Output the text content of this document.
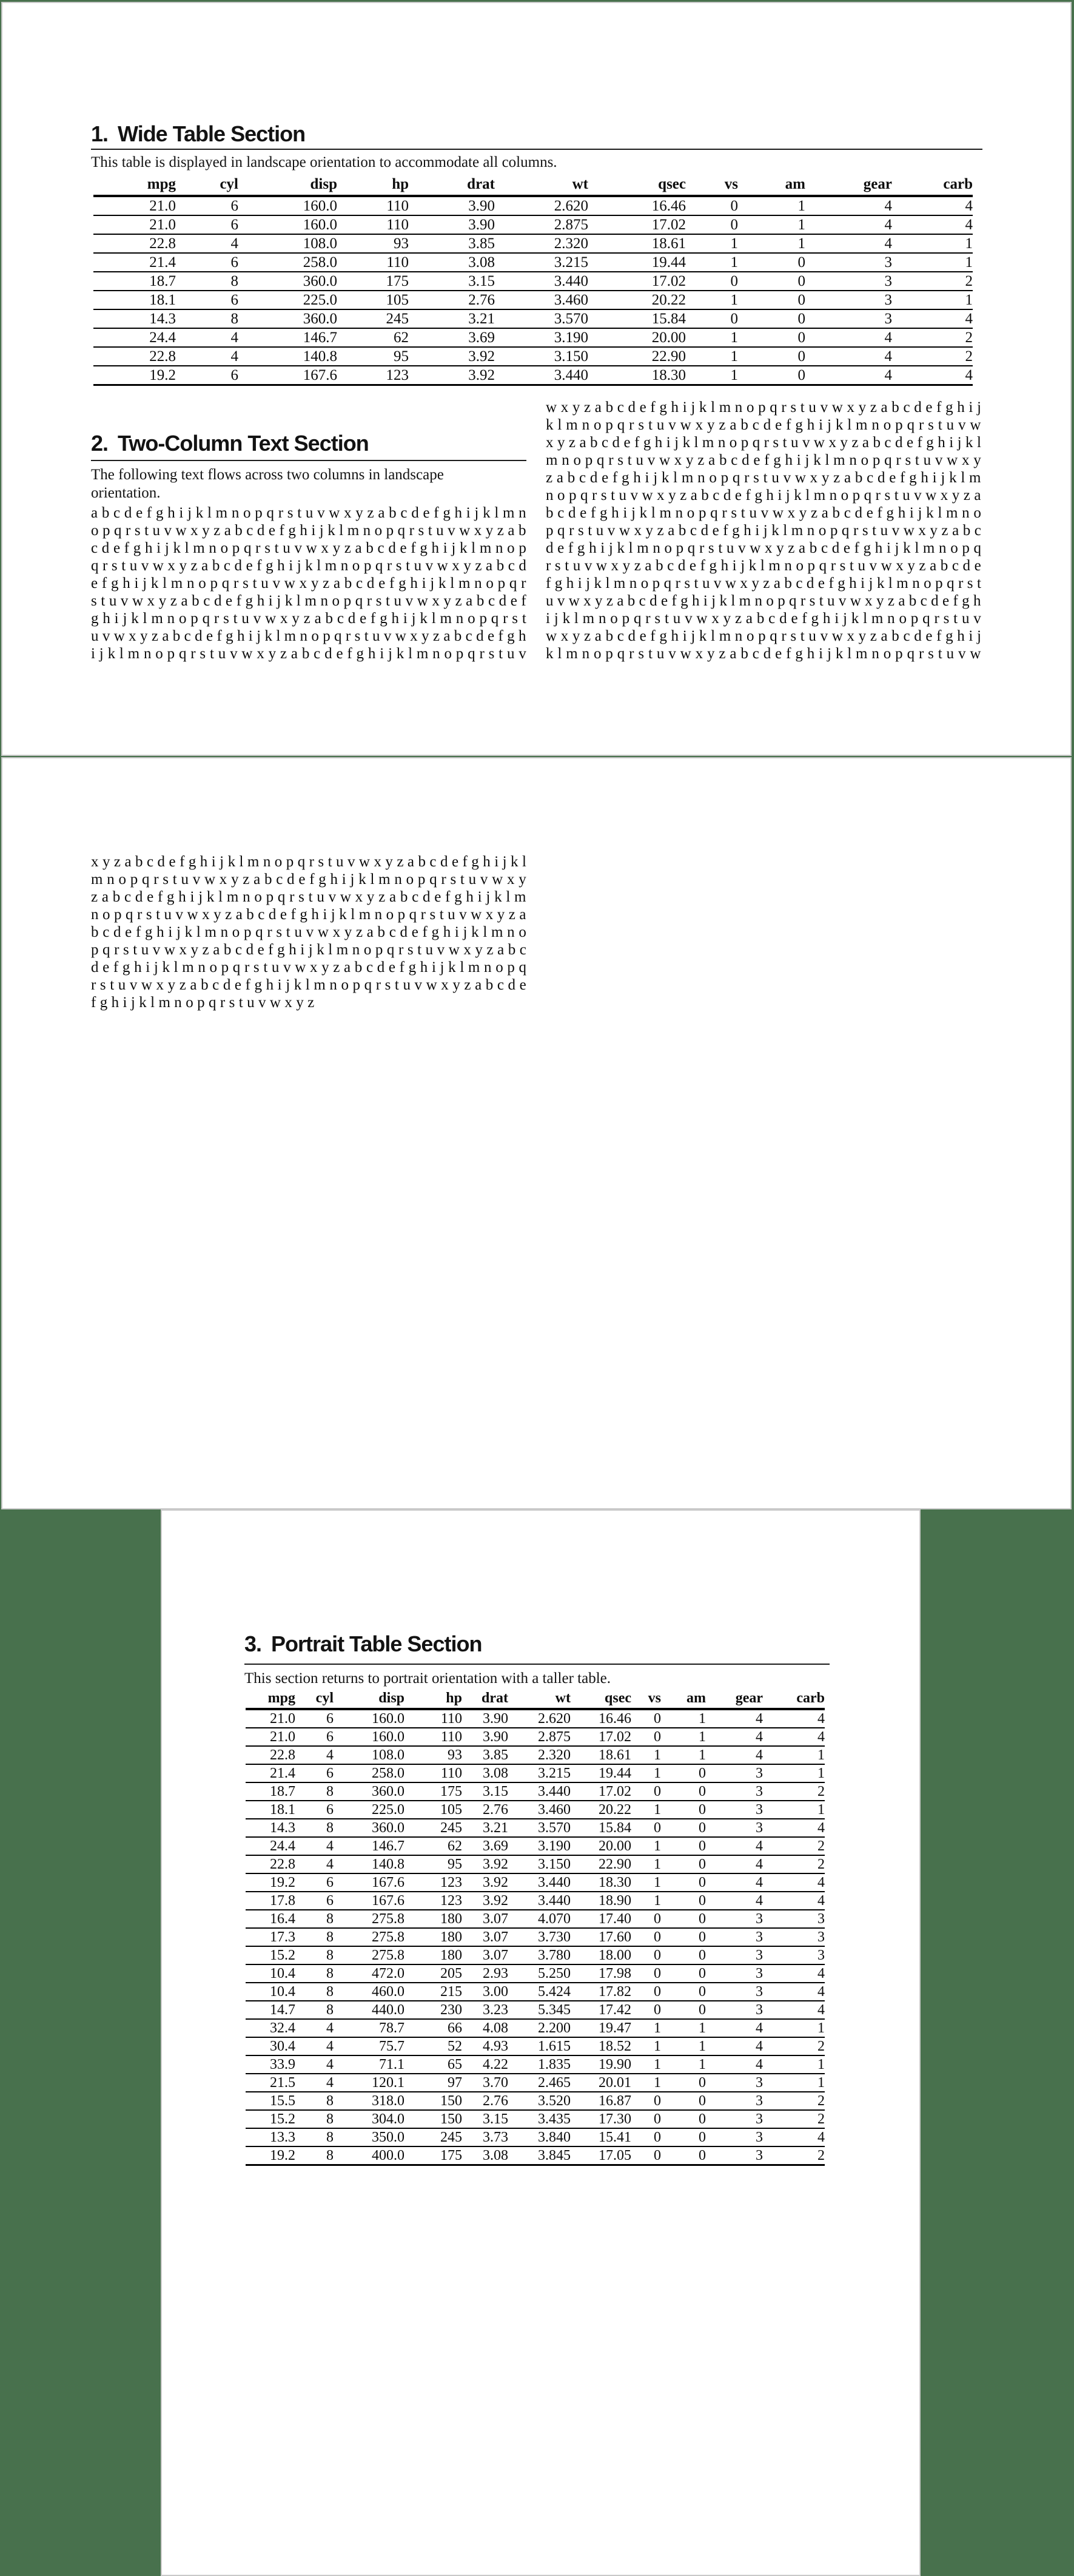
1. Wide Table Section
This table is displayed in landscape orientation to accommodate all columns.
mpg	cyl	disp	hp	drat	wt	qsec	vs	am	gear	carb
21.0	6	160.0	110	3.90	2.620	16.46	0	1	4	4
21.0	6	160.0	110	3.90	2.875	17.02	0	1	4	4
22.8	4	108.0	93	3.85	2.320	18.61	1	1	4	1
21.4	6	258.0	110	3.08	3.215	19.44	1	0	3	1
18.7	8	360.0	175	3.15	3.440	17.02	0	0	3	2
18.1	6	225.0	105	2.76	3.460	20.22	1	0	3	1
14.3	8	360.0	245	3.21	3.570	15.84	0	0	3	4
24.4	4	146.7	62	3.69	3.190	20.00	1	0	4	2
22.8	4	140.8	95	3.92	3.150	22.90	1	0	4	2
19.2	6	167.6	123	3.92	3.440	18.30	1	0	4	4
2. Two-Column Text Section
The following text flows across two columns in landscape
orientation.
a b c d e f g h i j k l m n o p q r s t u v w x y z a b c d e f g h i j k l m n
o p q r s t u v w x y z a b c d e f g h i j k l m n o p q r s t u v w x y z a b
c d e f g h i j k l m n o p q r s t u v w x y z a b c d e f g h i j k l m n o p
q r s t u v w x y z a b c d e f g h i j k l m n o p q r s t u v w x y z a b c d
e f g h i j k l m n o p q r s t u v w x y z a b c d e f g h i j k l m n o p q r
s t u v w x y z a b c d e f g h i j k l m n o p q r s t u v w x y z a b c d e f
g h i j k l m n o p q r s t u v w x y z a b c d e f g h i j k l m n o p q r s t
u v w x y z a b c d e f g h i j k l m n o p q r s t u v w x y z a b c d e f g h
i j k l m n o p q r s t u v w x y z a b c d e f g h i j k l m n o p q r s t u v
w x y z a b c d e f g h i j k l m n o p q r s t u v w x y z a b c d e f g h i j
k l m n o p q r s t u v w x y z a b c d e f g h i j k l m n o p q r s t u v w
x y z a b c d e f g h i j k l m n o p q r s t u v w x y z a b c d e f g h i j k l
m n o p q r s t u v w x y z a b c d e f g h i j k l m n o p q r s t u v w x y
z a b c d e f g h i j k l m n o p q r s t u v w x y z a b c d e f g h i j k l m
n o p q r s t u v w x y z a b c d e f g h i j k l m n o p q r s t u v w x y z a
b c d e f g h i j k l m n o p q r s t u v w x y z a b c d e f g h i j k l m n o
p q r s t u v w x y z a b c d e f g h i j k l m n o p q r s t u v w x y z a b c
d e f g h i j k l m n o p q r s t u v w x y z a b c d e f g h i j k l m n o p q
r s t u v w x y z a b c d e f g h i j k l m n o p q r s t u v w x y z a b c d e
f g h i j k l m n o p q r s t u v w x y z a b c d e f g h i j k l m n o p q r s t
u v w x y z a b c d e f g h i j k l m n o p q r s t u v w x y z a b c d e f g h
i j k l m n o p q r s t u v w x y z a b c d e f g h i j k l m n o p q r s t u v
w x y z a b c d e f g h i j k l m n o p q r s t u v w x y z a b c d e f g h i j
k l m n o p q r s t u v w x y z a b c d e f g h i j k l m n o p q r s t u v w
x y z a b c d e f g h i j k l m n o p q r s t u v w x y z a b c d e f g h i j k l
m n o p q r s t u v w x y z a b c d e f g h i j k l m n o p q r s t u v w x y
z a b c d e f g h i j k l m n o p q r s t u v w x y z a b c d e f g h i j k l m
n o p q r s t u v w x y z a b c d e f g h i j k l m n o p q r s t u v w x y z a
b c d e f g h i j k l m n o p q r s t u v w x y z a b c d e f g h i j k l m n o
p q r s t u v w x y z a b c d e f g h i j k l m n o p q r s t u v w x y z a b c
d e f g h i j k l m n o p q r s t u v w x y z a b c d e f g h i j k l m n o p q
r s t u v w x y z a b c d e f g h i j k l m n o p q r s t u v w x y z a b c d e
fghijklmnopqrstuvwxyz
3. Portrait Table Section
This section returns to portrait orientation with a taller table.
mpg	cyl	disp	hp	drat	wt	qsec	vs	am	gear	carb
21.0	6	160.0	110	3.90	2.620	16.46	0	1	4	4
21.0	6	160.0	110	3.90	2.875	17.02	0	1	4	4
22.8	4	108.0	93	3.85	2.320	18.61	1	1	4	1
21.4	6	258.0	110	3.08	3.215	19.44	1	0	3	1
18.7	8	360.0	175	3.15	3.440	17.02	0	0	3	2
18.1	6	225.0	105	2.76	3.460	20.22	1	0	3	1
14.3	8	360.0	245	3.21	3.570	15.84	0	0	3	4
24.4	4	146.7	62	3.69	3.190	20.00	1	0	4	2
22.8	4	140.8	95	3.92	3.150	22.90	1	0	4	2
19.2	6	167.6	123	3.92	3.440	18.30	1	0	4	4
17.8	6	167.6	123	3.92	3.440	18.90	1	0	4	4
16.4	8	275.8	180	3.07	4.070	17.40	0	0	3	3
17.3	8	275.8	180	3.07	3.730	17.60	0	0	3	3
15.2	8	275.8	180	3.07	3.780	18.00	0	0	3	3
10.4	8	472.0	205	2.93	5.250	17.98	0	0	3	4
10.4	8	460.0	215	3.00	5.424	17.82	0	0	3	4
14.7	8	440.0	230	3.23	5.345	17.42	0	0	3	4
32.4	4	78.7	66	4.08	2.200	19.47	1	1	4	1
30.4	4	75.7	52	4.93	1.615	18.52	1	1	4	2
33.9	4	71.1	65	4.22	1.835	19.90	1	1	4	1
21.5	4	120.1	97	3.70	2.465	20.01	1	0	3	1
15.5	8	318.0	150	2.76	3.520	16.87	0	0	3	2
15.2	8	304.0	150	3.15	3.435	17.30	0	0	3	2
13.3	8	350.0	245	3.73	3.840	15.41	0	0	3	4
19.2	8	400.0	175	3.08	3.845	17.05	0	0	3	2
